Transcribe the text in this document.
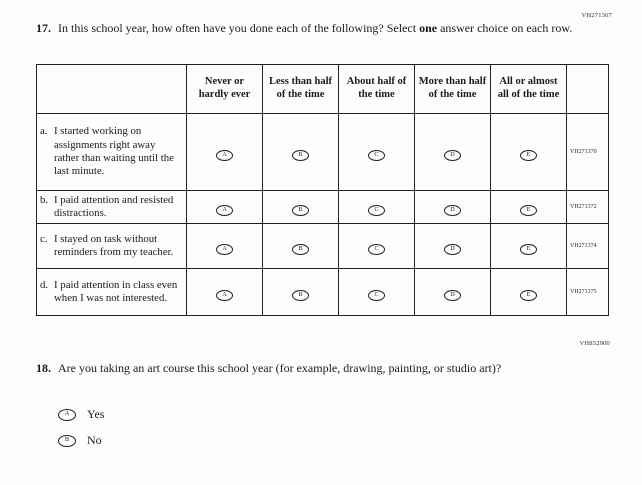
VH271367
17. In this school year, how often have you done each of the following? Select one answer choice on each row.
	Never or hardly ever	Less than half of the time	About half of the time	More than half of the time	All or almost all of the time	

a. I started working on assignments right away rather than waiting until the last minute.	A	B	C	D	E	VH271370

b. I paid attention and resisted distractions.	A	B	C	D	E	VH271372

c. I stayed on task without reminders from my teacher.	A	B	C	D	E	VH271374

d. I paid attention in class even when I was not interested.	A	B	C	D	E	VH271375
VH852900
18. Are you taking an art course this school year (for example, drawing, painting, or studio art)?
A Yes
B No
